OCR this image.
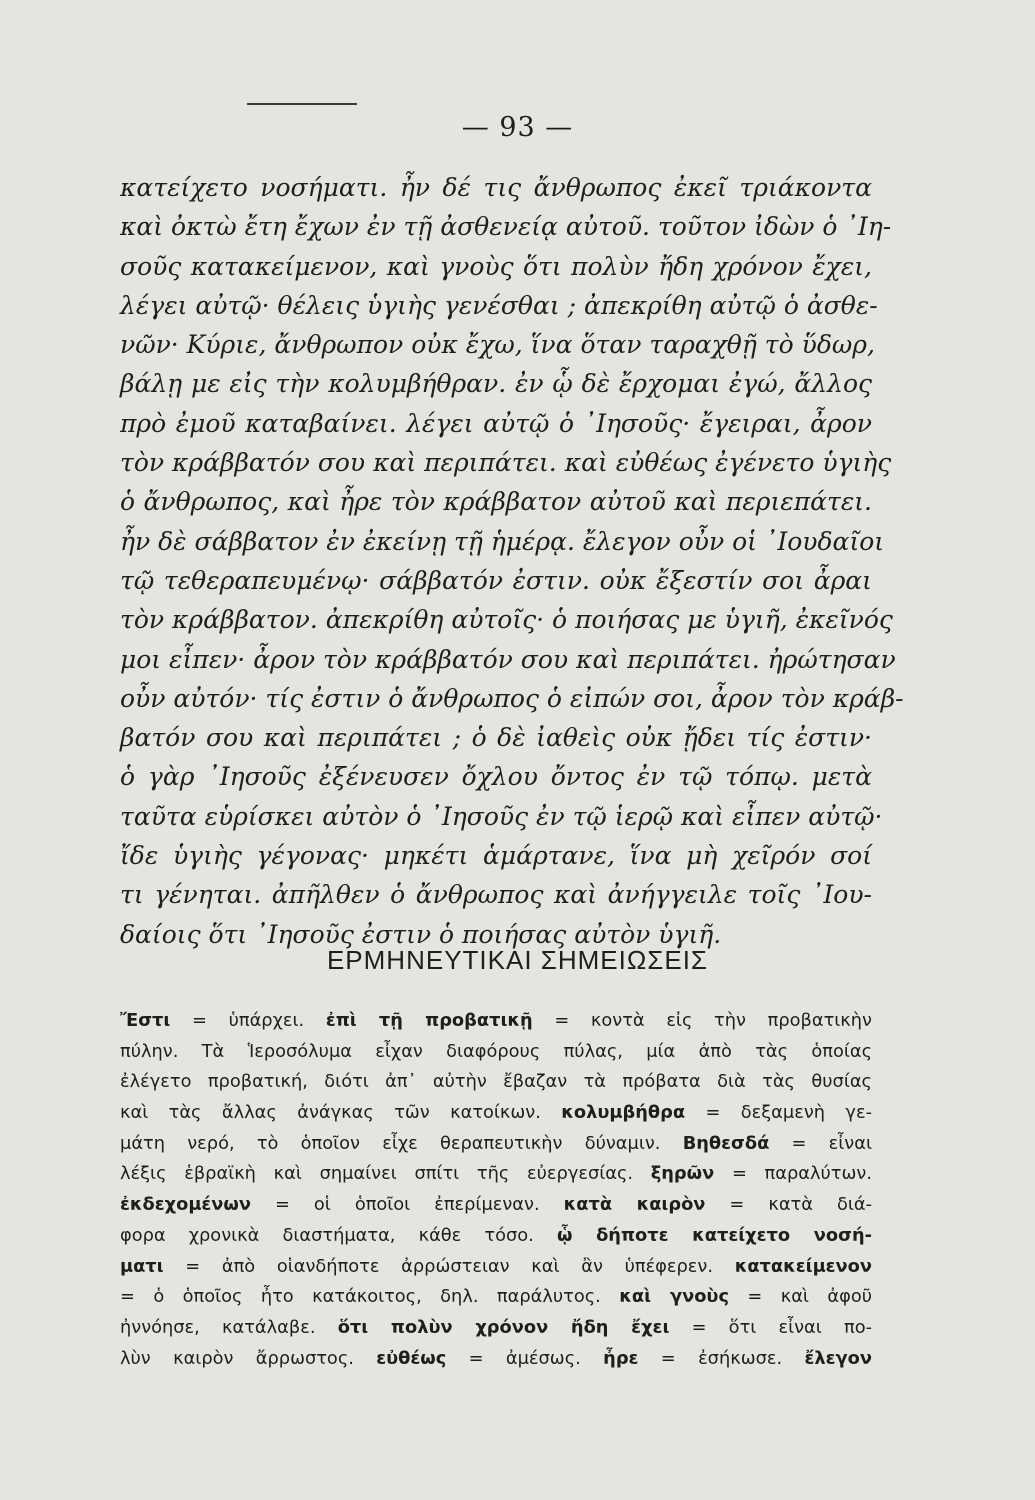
— 93 —
κατείχετο νοσήματι. ἦν δέ τις ἄνθρωπος ἐκεῖ τριάκοντα
καὶ ὀκτὼ ἔτη ἔχων ἐν τῇ ἀσθενείᾳ αὐτοῦ. τοῦτον ἰδὼν ὁ ᾿Ιη-
σοῦς κατακείμενον, καὶ γνοὺς ὅτι πολὺν ἤδη χρόνον ἔχει,
λέγει αὐτῷ· θέλεις ὑγιὴς γενέσθαι ; ἀπεκρίθη αὐτῷ ὁ ἀσθε-
νῶν· Κύριε, ἄνθρωπον οὐκ ἔχω, ἵνα ὅταν ταραχθῇ τὸ ὕδωρ,
βάλῃ με εἰς τὴν κολυμβήθραν. ἐν ᾧ δὲ ἔρχομαι ἐγώ, ἄλλος
πρὸ ἐμοῦ καταβαίνει. λέγει αὐτῷ ὁ ᾿Ιησοῦς· ἔγειραι, ἆρον
τὸν κράββατόν σου καὶ περιπάτει. καὶ εὐθέως ἐγένετο ὑγιὴς
ὁ ἄνθρωπος, καὶ ἦρε τὸν κράββατον αὐτοῦ καὶ περιεπάτει.
ἦν δὲ σάββατον ἐν ἐκείνῃ τῇ ἡμέρᾳ. ἔλεγον οὖν οἱ ᾿Ιουδαῖοι
τῷ τεθεραπευμένῳ· σάββατόν ἐστιν. οὐκ ἔξεστίν σοι ἆραι
τὸν κράββατον. ἀπεκρίθη αὐτοῖς· ὁ ποιήσας με ὑγιῆ, ἐκεῖνός
μοι εἶπεν· ἆρον τὸν κράββατόν σου καὶ περιπάτει. ἠρώτησαν
οὖν αὐτόν· τίς ἐστιν ὁ ἄνθρωπος ὁ εἰπών σοι, ἆρον τὸν κράβ-
βατόν σου καὶ περιπάτει ; ὁ δὲ ἰαθεὶς οὐκ ᾔδει τίς ἐστιν·
ὁ γὰρ ᾿Ιησοῦς ἐξένευσεν ὄχλου ὄντος ἐν τῷ τόπῳ. μετὰ
ταῦτα εὑρίσκει αὐτὸν ὁ ᾿Ιησοῦς ἐν τῷ ἱερῷ καὶ εἶπεν αὐτῷ·
ἴδε ὑγιὴς γέγονας· μηκέτι ἁμάρτανε, ἵνα μὴ χεῖρόν σοί
τι γένηται. ἀπῆλθεν ὁ ἄνθρωπος καὶ ἀνήγγειλε τοῖς ᾿Ιου-
δαίοις ὅτι ᾿Ιησοῦς ἐστιν ὁ ποιήσας αὐτὸν ὑγιῆ.
ΕΡΜΗΝΕΥΤΙΚΑΙ ΣΗΜΕΙΩΣΕΙΣ
Ἔστι = ὑπάρχει. ἐπὶ τῇ προβατικῇ = κοντὰ εἰς τὴν προβατικὴν
πύλην. Τὰ Ἱεροσόλυμα εἶχαν διαφόρους πύλας, μία ἀπὸ τὰς ὁποίας
ἐλέγετο προβατική, διότι ἀπ᾿ αὐτὴν ἔβαζαν τὰ πρόβατα διὰ τὰς θυσίας
καὶ τὰς ἄλλας ἀνάγκας τῶν κατοίκων. κολυμβήθρα = δεξαμενὴ γε-
μάτη νερό, τὸ ὁποῖον εἶχε θεραπευτικὴν δύναμιν. Βηθεσδά = εἶναι
λέξις ἑβραϊκὴ καὶ σημαίνει σπίτι τῆς εὐεργεσίας. ξηρῶν = παραλύτων.
ἐκδεχομένων = οἱ ὁποῖοι ἐπερίμεναν. κατὰ καιρὸν = κατὰ διά-
φορα χρονικὰ διαστήματα, κάθε τόσο. ᾧ δήποτε κατείχετο νοσή-
ματι = ἀπὸ οἱανδήποτε ἀρρώστειαν καὶ ἂν ὑπέφερεν. κατακείμενον
= ὁ ὁποῖος ἦτο κατάκοιτος, δηλ. παράλυτος. καὶ γνοὺς = καὶ ἀφοῦ
ἠννόησε, κατάλαβε. ὅτι πολὺν χρόνον ἤδη ἔχει = ὅτι εἶναι πο-
λὺν καιρὸν ἄρρωστος. εὐθέως = ἀμέσως. ἦρε = ἐσήκωσε. ἔλεγον
